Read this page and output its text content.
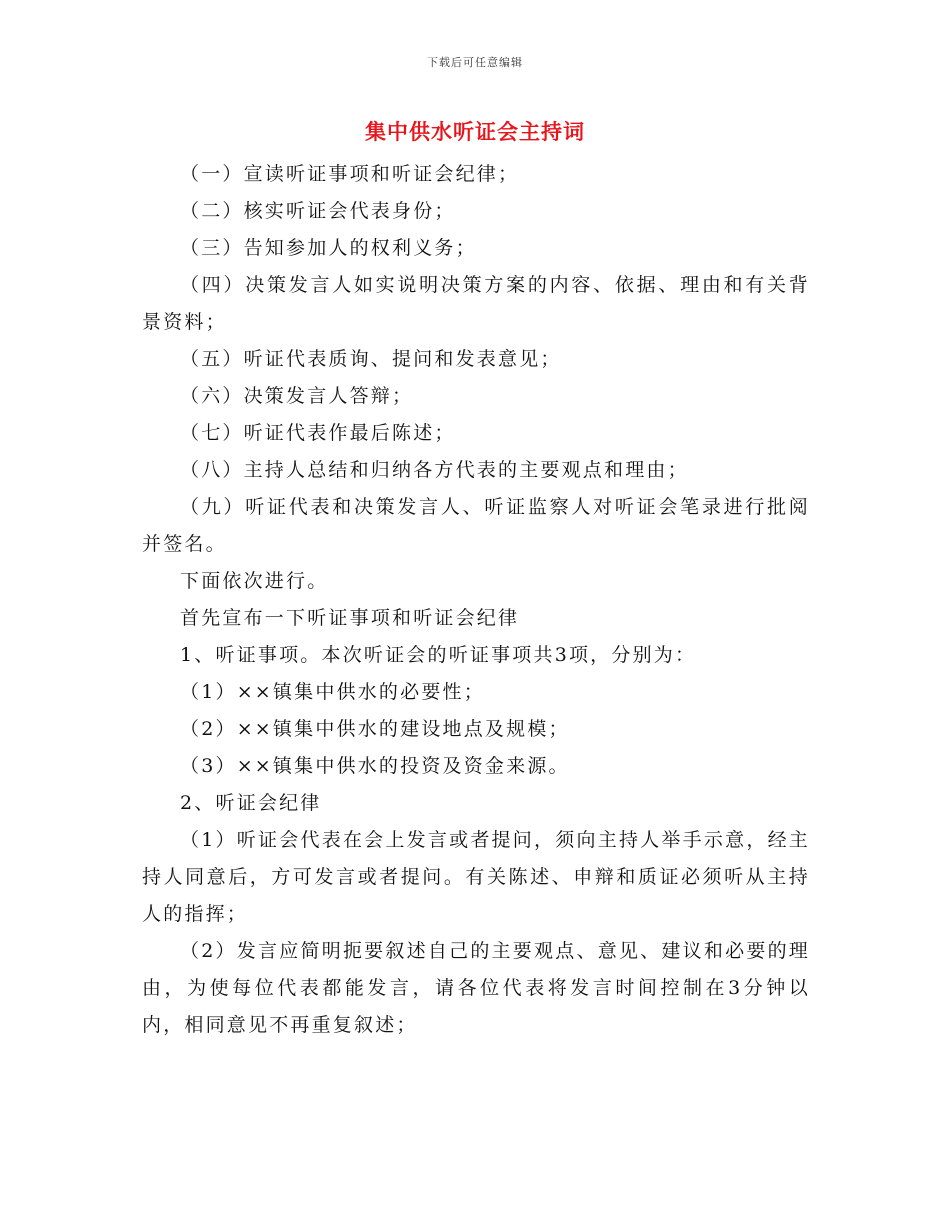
下载后可任意编辑
集中供水听证会主持词

（一）宣读听证事项和听证会纪律；

（二）核实听证会代表身份；

（三）告知参加人的权利义务；

（四）决策发言人如实说明决策方案的内容、依据、理由和有关背景资料；

（五）听证代表质询、提问和发表意见；

（六）决策发言人答辩；

（七）听证代表作最后陈述；

（八）主持人总结和归纳各方代表的主要观点和理由；

（九）听证代表和决策发言人、听证监察人对听证会笔录进行批阅并签名。

下面依次进行。

首先宣布一下听证事项和听证会纪律

1、听证事项。本次听证会的听证事项共3项，分别为：

（1）××镇集中供水的必要性；

（2）××镇集中供水的建设地点及规模；

（3）××镇集中供水的投资及资金来源。

2、听证会纪律

（1）听证会代表在会上发言或者提问，须向主持人举手示意，经主持人同意后，方可发言或者提问。有关陈述、申辩和质证必须听从主持人的指挥；

（2）发言应简明扼要叙述自己的主要观点、意见、建议和必要的理由，为使每位代表都能发言，请各位代表将发言时间控制在3分钟以内，相同意见不再重复叙述；
